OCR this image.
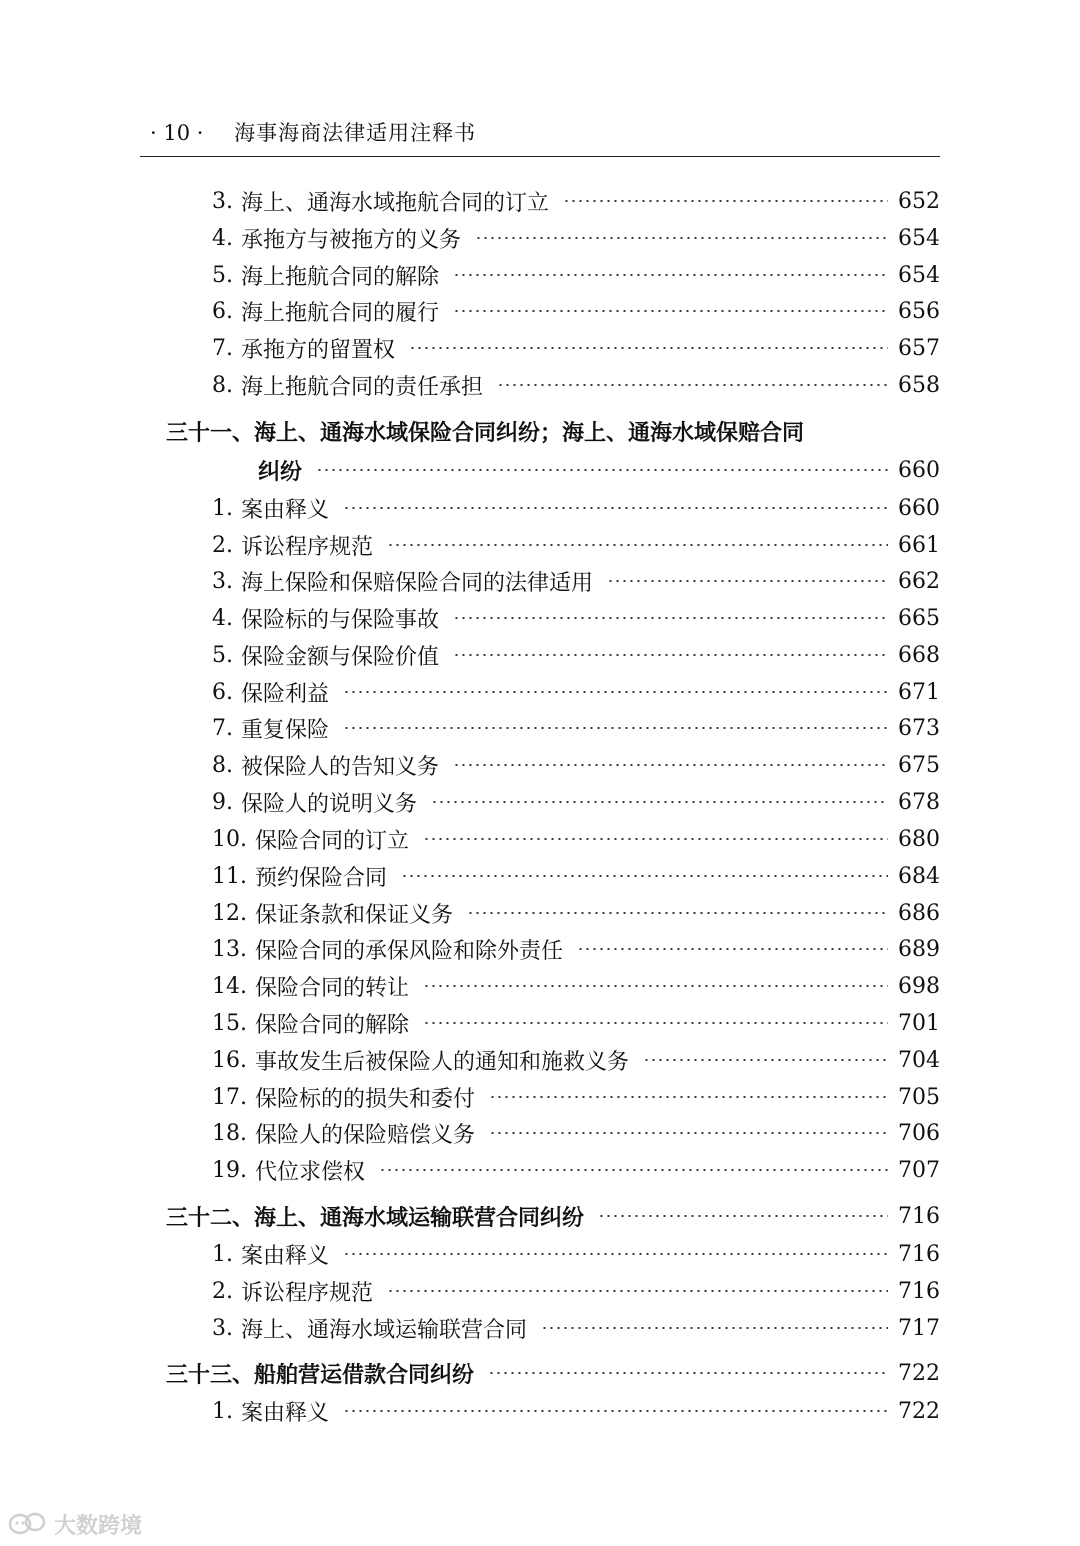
· 10 · 海事海商法律适用注释书
3. 海上、通海水域拖航合同的订立	652
4. 承拖方与被拖方的义务	654
5. 海上拖航合同的解除	654
6. 海上拖航合同的履行	656
7. 承拖方的留置权	657
8. 海上拖航合同的责任承担	658
三十一、海上、通海水域保险合同纠纷；海上、通海水域保赔合同
纠纷	660
1. 案由释义	660
2. 诉讼程序规范	661
3. 海上保险和保赔保险合同的法律适用	662
4. 保险标的与保险事故	665
5. 保险金额与保险价值	668
6. 保险利益	671
7. 重复保险	673
8. 被保险人的告知义务	675
9. 保险人的说明义务	678
10. 保险合同的订立	680
11. 预约保险合同	684
12. 保证条款和保证义务	686
13. 保险合同的承保风险和除外责任	689
14. 保险合同的转让	698
15. 保险合同的解除	701
16. 事故发生后被保险人的通知和施救义务	704
17. 保险标的的损失和委付	705
18. 保险人的保险赔偿义务	706
19. 代位求偿权	707
三十二、海上、通海水域运输联营合同纠纷	716
1. 案由释义	716
2. 诉讼程序规范	716
3. 海上、通海水域运输联营合同	717
三十三、船舶营运借款合同纠纷	722
1. 案由释义	722
大数跨境
